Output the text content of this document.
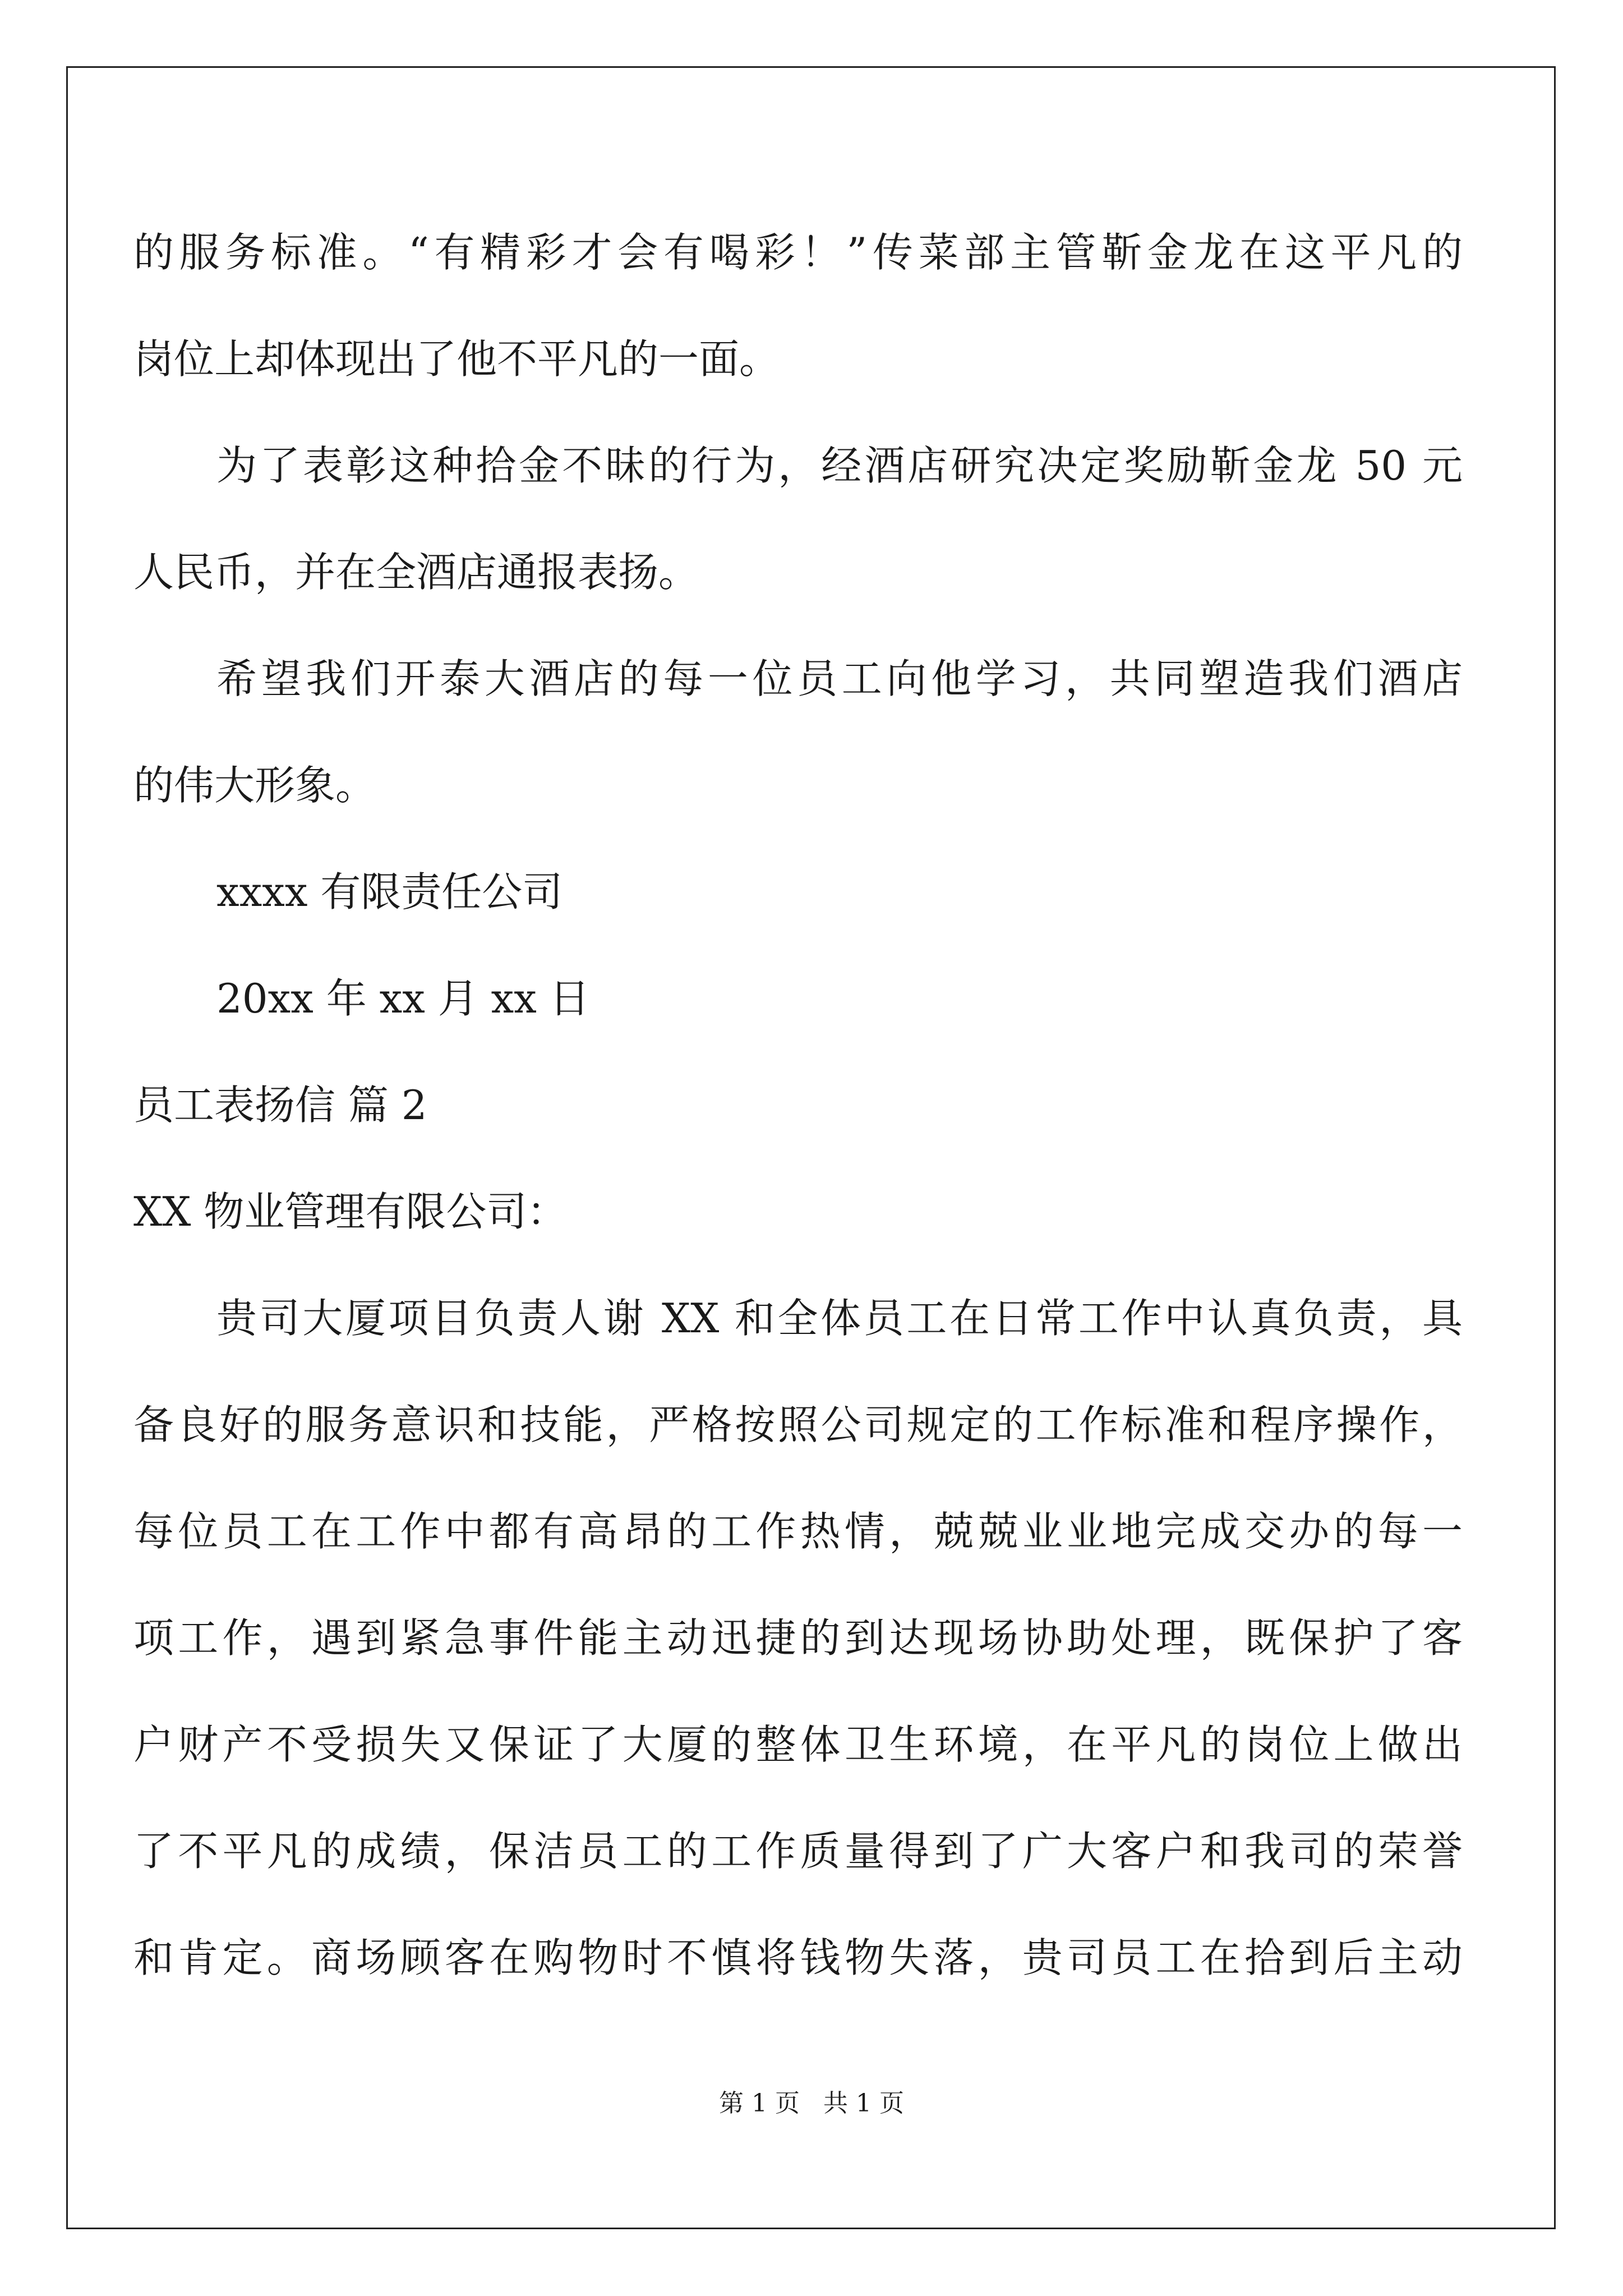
的服务标准。“有精彩才会有喝彩！”传菜部主管靳金龙在这平凡的
岗位上却体现出了他不平凡的一面。
为了表彰这种拾金不昧的行为，经酒店研究决定奖励靳金龙 50 元
人民币，并在全酒店通报表扬。
希望我们开泰大酒店的每一位员工向他学习，共同塑造我们酒店
的伟大形象。
xxxx 有限责任公司
20xx 年 xx 月 xx 日
员工表扬信 篇 2
XX 物业管理有限公司：
贵司大厦项目负责人谢 XX 和全体员工在日常工作中认真负责，具
备良好的服务意识和技能，严格按照公司规定的工作标准和程序操作，
每位员工在工作中都有高昂的工作热情，兢兢业业地完成交办的每一
项工作，遇到紧急事件能主动迅捷的到达现场协助处理，既保护了客
户财产不受损失又保证了大厦的整体卫生环境，在平凡的岗位上做出
了不平凡的成绩，保洁员工的工作质量得到了广大客户和我司的荣誉
和肯定。商场顾客在购物时不慎将钱物失落，贵司员工在拾到后主动
第 1 页 共 1 页
